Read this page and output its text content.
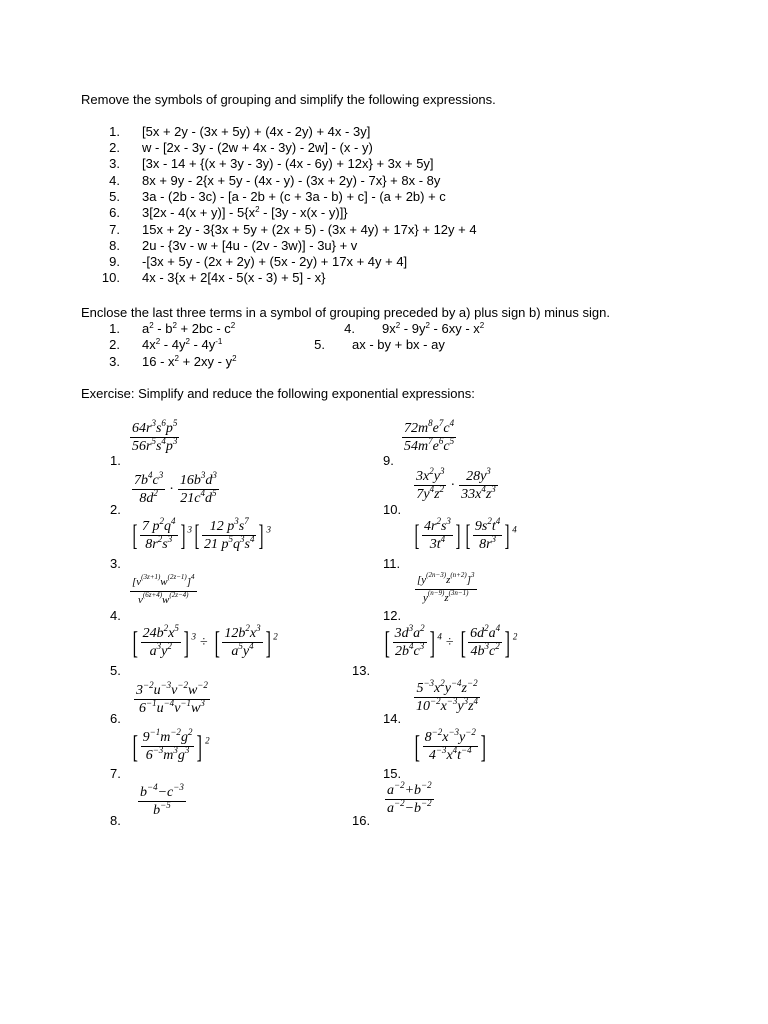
Remove the symbols of grouping and simplify the following expressions.
1. [5x + 2y - (3x + 5y) + (4x - 2y) + 4x - 3y]
2. w - [2x - 3y - (2w + 4x - 3y) - 2w] - (x - y)
3. [3x - 14 + {(x + 3y - 3y) - (4x - 6y) + 12x} + 3x + 5y]
4. 8x + 9y - 2{x + 5y - (4x - y) - (3x + 2y) - 7x} + 8x - 8y
5. 3a - (2b - 3c) - [a - 2b + (c + 3a - b) + c] - (a + 2b) + c
6. $3[2x - 4(x + y)] - 5\{x^2 - [3y - x(x - y)]\}$
7. 15x + 2y - 3{3x + 5y + (2x + 5) - (3x + 4y) + 17x} + 12y + 4
8. 2u - {3v - w + [4u - (2v - 3w)] - 3u} + v
9. -[3x + 5y - (2x + 2y) + (5x - 2y) + 17x + 4y + 4]
10. 4x - 3{x + 2[4x - 5(x - 3) + 5] - x}
Enclose the last three terms in a symbol of grouping preceded by a) plus sign b) minus sign.
1. $a^2 - b^2 + 2bc - c^2$
2. $4x^2 - 4y^2 - 4y^{-1}$
3. $16 - x^2 + 2xy - y^2$
4. $9x^2 - 9y^2 - 6xy - x^2$
5. ax - by + bx - ay
Exercise: Simplify and reduce the following exponential expressions:
1.
2.
3.
4.
5.
6.
7.
8.
9.
10.
11.
12.
13.
14.
15.
16.
$\frac{64r^3s^6p^5}{56r^5s^4p^3}$
$\frac{7b^4c^3}{8d^2} \cdot \frac{16b^3d^3}{21c^4d^5}$
[ $\frac{7 p^2q^4}{8r^2s^3}$ ] $^3[ \frac{12 p^3s^7}{21 p^5q^3s^4}$ ] $^3$
$\frac{[v^{(3z+1)}w^{(2z-1)}]^4}{v^{(6z+4)}w^{(2z-4)}}$
[ $\frac{24b^2x^5}{a^3y^2}$ ] $^3$ ÷ [ $\frac{12b^2x^3}{a^5y^4}$ ] $^2$
$\frac{3^{-2}u^{-3}v^{-2}w^{-2}}{6^{-1}u^{-4}v^{-1}w^3}$
[ $\frac{9^{-1}m^{-2}g^2}{6^{-3}m^3g^3}$ ] $^2$
$\frac{b^{-4}-c^{-3}}{b^{-5}}$
$\frac{72m^8e^7c^4}{54m^7e^6c^5}$
$\frac{3x^2y^3}{7y^4z^2} \cdot \frac{28y^3}{33x^4z^3}$
[ $\frac{4r^2s^3}{3t^4}$ ] [ $\frac{9s^2t^4}{8r^3}$ ] $^4$
$\frac{[y^{(2n-3)}z^{(n+2)}]^3}{y^{(n-9)}z^{(3n-1)}}$
[ $\frac{3d^3a^2}{2b^4c^3}$ ] $^4$ ÷ [ $\frac{6d^2a^4}{4b^3c^2}$ ] $^2$
$\frac{5^{-3}x^2y^{-4}z^{-2}}{10^{-2}x^{-3}y^3z^4}$
[ $\frac{8^{-2}x^{-3}y^{-2}}{4^{-3}x^4t^{-4}}$ ]
$\frac{a^{-2}+b^{-2}}{a^{-2}-b^{-2}}$
